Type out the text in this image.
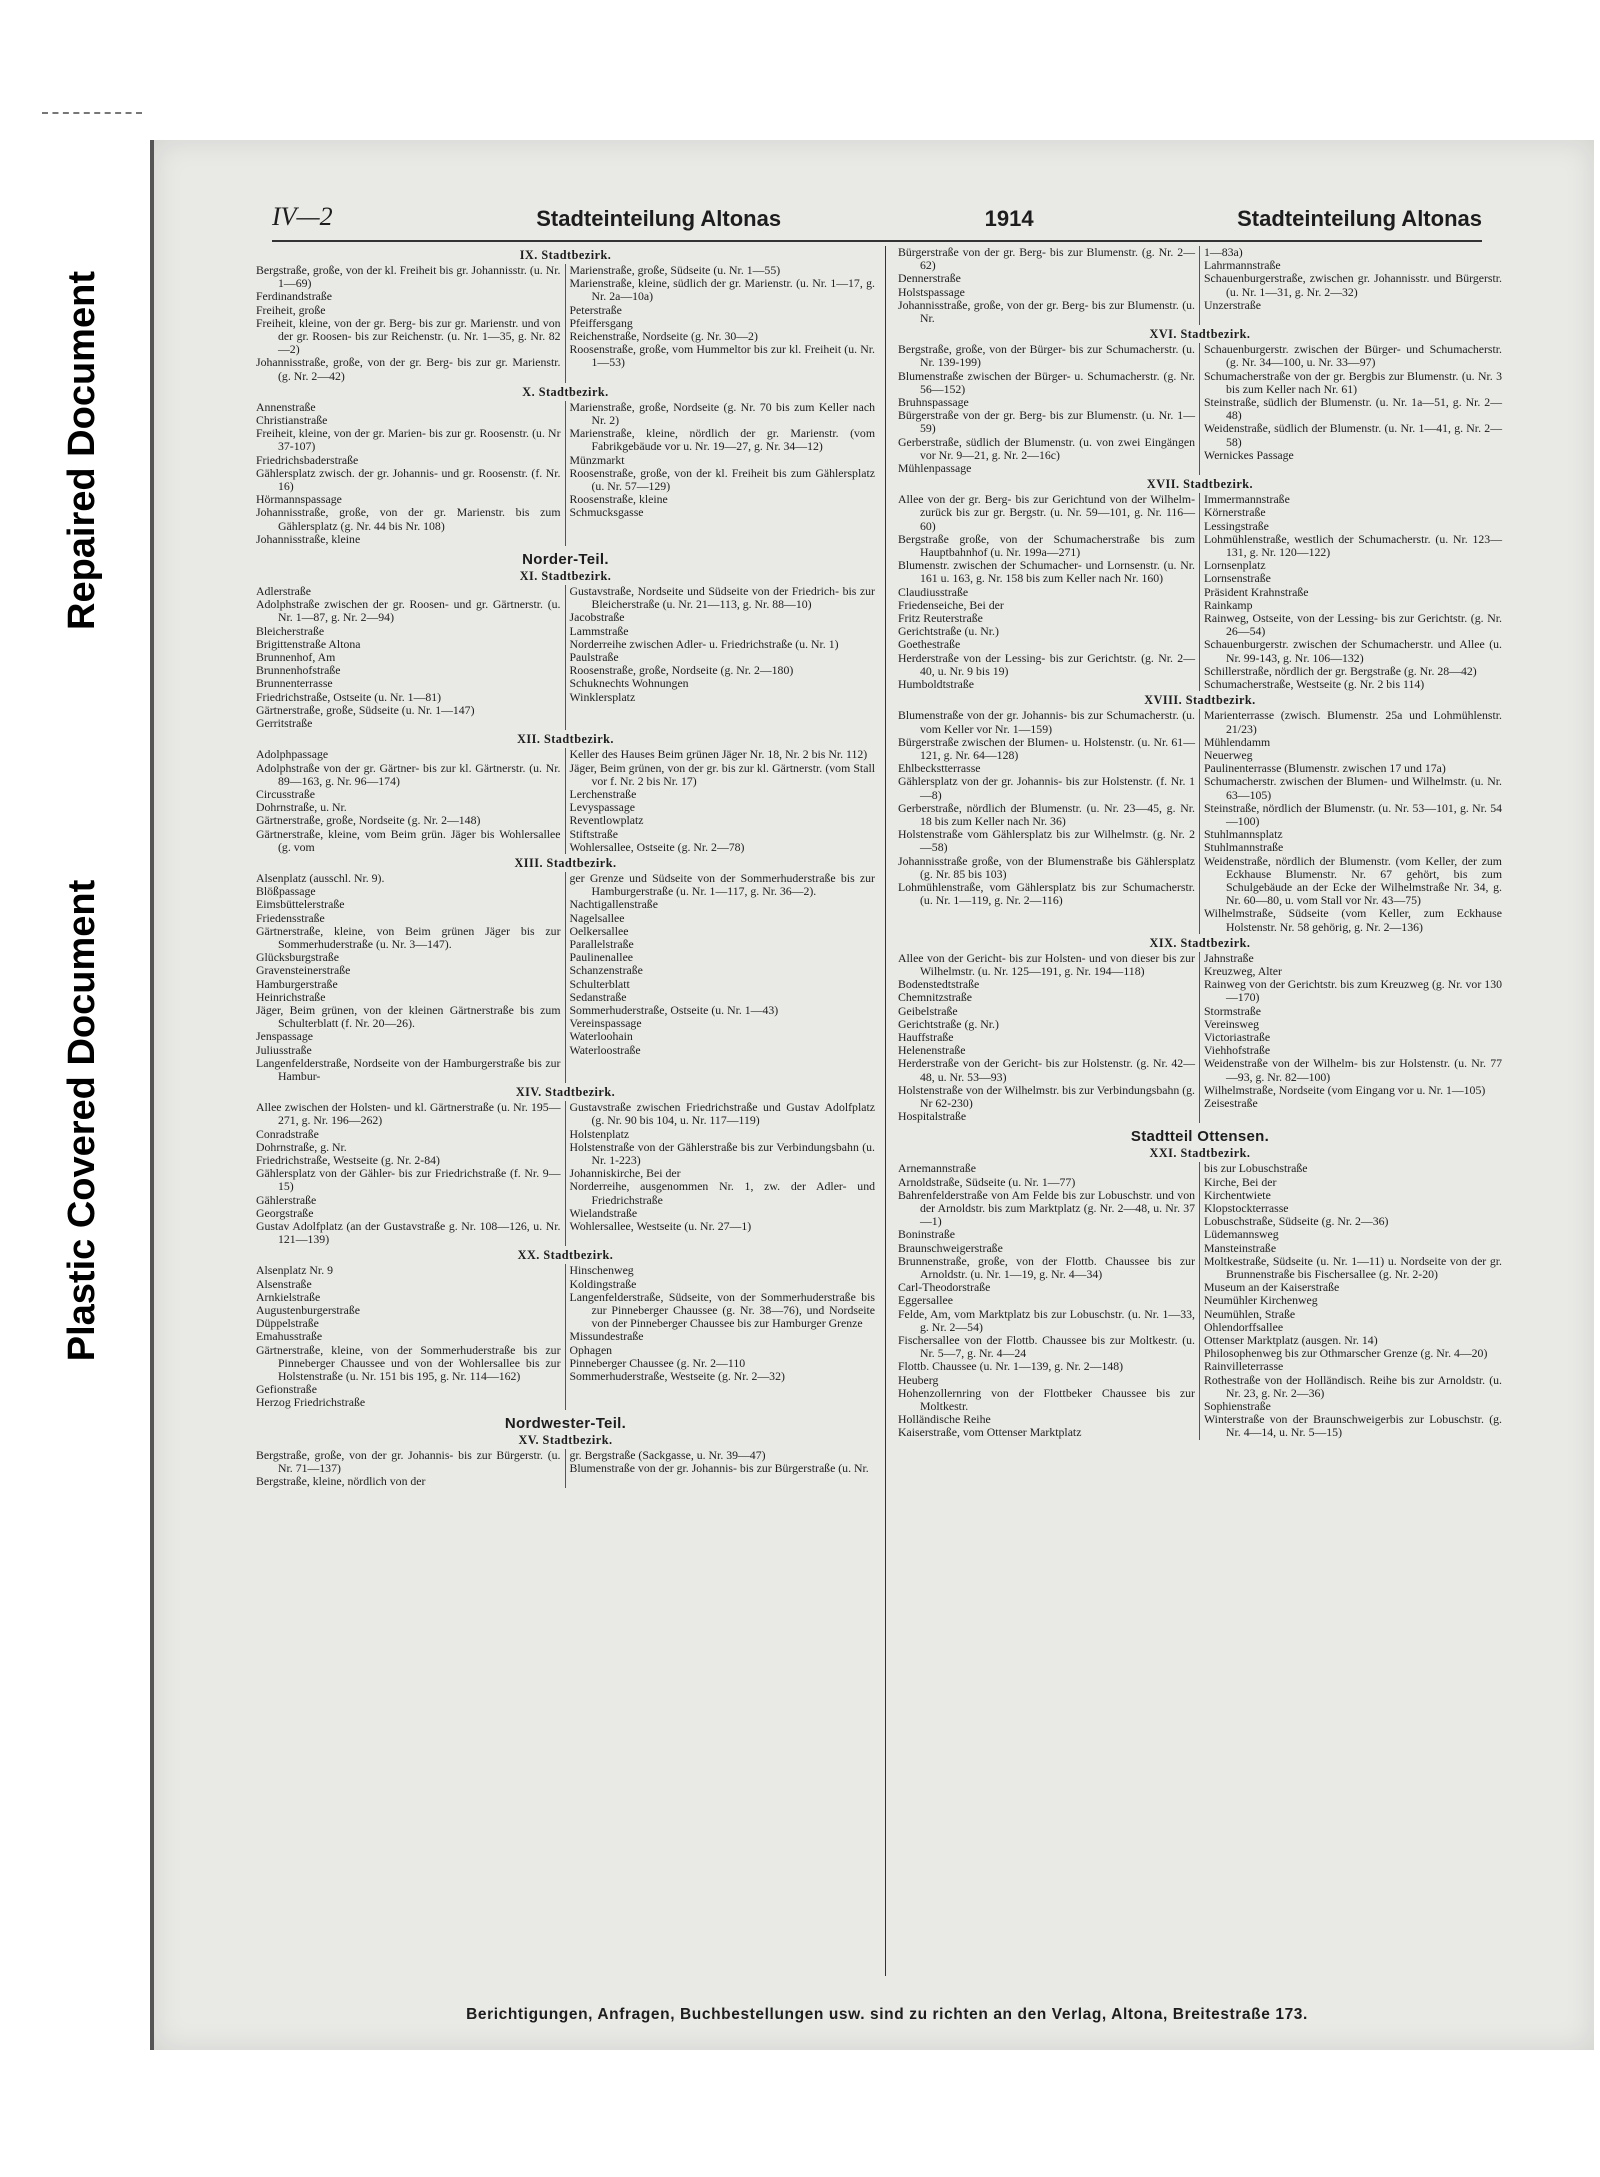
Repaired Document
Plastic Covered Document
IV—2	Stadteinteilung Altonas	1914	Stadteinteilung Altonas
IX. Stadtbezirk.
Bergstraße, große, von der kl. Freiheit bis gr. Johannisstr. (u. Nr. 1—69)
Ferdinandstraße
Freiheit, große
Freiheit, kleine, von der gr. Berg- bis zur gr. Marienstr. und von der gr. Roosen- bis zur Reichenstr. (u. Nr. 1—35, g. Nr. 82—2)
Johannisstraße, große, von der gr. Berg- bis zur gr. Marienstr. (g. Nr. 2—42)
Marienstraße, große, Südseite (u. Nr. 1—55)
Marienstraße, kleine, südlich der gr. Marienstr. (u. Nr. 1—17, g. Nr. 2a—10a)
Peterstraße
Pfeiffersgang
Reichenstraße, Nordseite (g. Nr. 30—2)
Roosenstraße, große, vom Hummeltor bis zur kl. Freiheit (u. Nr. 1—53)
X. Stadtbezirk.
Annenstraße
Christianstraße
Freiheit, kleine, von der gr. Marien- bis zur gr. Roosenstr. (u. Nr 37-107)
Friedrichsbaderstraße
Gählersplatz zwisch. der gr. Johannis- und gr. Roosenstr. (f. Nr. 16)
Hörmannspassage
Johannisstraße, große, von der gr. Marienstr. bis zum Gählersplatz (g. Nr. 44 bis Nr. 108)
Johannisstraße, kleine
Marienstraße, große, Nordseite (g. Nr. 70 bis zum Keller nach Nr. 2)
Marienstraße, kleine, nördlich der gr. Marienstr. (vom Fabrikgebäude vor u. Nr. 19—27, g. Nr. 34—12)
Münzmarkt
Roosenstraße, große, von der kl. Freiheit bis zum Gählersplatz (u. Nr. 57—129)
Roosenstraße, kleine
Schmucksgasse
Norder-Teil.
XI. Stadtbezirk.
Adlerstraße
Adolphstraße zwischen der gr. Roosen- und gr. Gärtnerstr. (u. Nr. 1—87, g. Nr. 2—94)
Bleicherstraße
Brigittenstraße Altona
Brunnenhof, Am
Brunnenhofstraße
Brunnenterrasse
Friedrichstraße, Ostseite (u. Nr. 1—81)
Gärtnerstraße, große, Südseite (u. Nr. 1—147)
Gerritstraße
Gustavstraße, Nordseite und Südseite von der Friedrich- bis zur Bleicherstraße (u. Nr. 21—113, g. Nr. 88—10)
Jacobstraße
Lammstraße
Norderreihe zwischen Adler- u. Friedrichstraße (u. Nr. 1)
Paulstraße
Roosenstraße, große, Nordseite (g. Nr. 2—180)
Schuknechts Wohnungen
Winklersplatz
XII. Stadtbezirk.
Adolphpassage
Adolphstraße von der gr. Gärtner- bis zur kl. Gärtnerstr. (u. Nr. 89—163, g. Nr. 96—174)
Circusstraße
Dohrnstraße, u. Nr.
Gärtnerstraße, große, Nordseite (g. Nr. 2—148)
Gärtnerstraße, kleine, vom Beim grün. Jäger bis Wohlersallee (g. vom
Keller des Hauses Beim grünen Jäger Nr. 18, Nr. 2 bis Nr. 112)
Jäger, Beim grünen, von der gr. bis zur kl. Gärtnerstr. (vom Stall vor f. Nr. 2 bis Nr. 17)
Lerchenstraße
Levyspassage
Reventlowplatz
Stiftstraße
Wohlersallee, Ostseite (g. Nr. 2—78)
XIII. Stadtbezirk.
Alsenplatz (ausschl. Nr. 9).
Blößpassage
Eimsbüttelerstraße
Friedensstraße
Gärtnerstraße, kleine, von Beim grünen Jäger bis zur Sommerhuderstraße (u. Nr. 3—147).
Glücksburgstraße
Gravensteinerstraße
Hamburgerstraße
Heinrichstraße
Jäger, Beim grünen, von der kleinen Gärtnerstraße bis zum Schulterblatt (f. Nr. 20—26).
Jenspassage
Juliusstraße
Langenfelderstraße, Nordseite von der Hamburgerstraße bis zur Hambur-
ger Grenze und Südseite von der Sommerhuderstraße bis zur Hamburgerstraße (u. Nr. 1—117, g. Nr. 36—2).
Nachtigallenstraße
Nagelsallee
Oelkersallee
Parallelstraße
Paulinenallee
Schanzenstraße
Schulterblatt
Sedanstraße
Sommerhuderstraße, Ostseite (u. Nr. 1—43)
Vereinspassage
Waterloohain
Waterloostraße
XIV. Stadtbezirk.
Allee zwischen der Holsten- und kl. Gärtnerstraße (u. Nr. 195—271, g. Nr. 196—262)
Conradstraße
Dohrnstraße, g. Nr.
Friedrichstraße, Westseite (g. Nr. 2-84)
Gählersplatz von der Gähler- bis zur Friedrichstraße (f. Nr. 9—15)
Gählerstraße
Georgstraße
Gustav Adolfplatz (an der Gustavstraße g. Nr. 108—126, u. Nr. 121—139)
Gustavstraße zwischen Friedrichstraße und Gustav Adolfplatz (g. Nr. 90 bis 104, u. Nr. 117—119)
Holstenplatz
Holstenstraße von der Gählerstraße bis zur Verbindungsbahn (u. Nr. 1-223)
Johanniskirche, Bei der
Norderreihe, ausgenommen Nr. 1, zw. der Adler- und Friedrichstraße
Wielandstraße
Wohlersallee, Westseite (u. Nr. 27—1)
XX. Stadtbezirk.
Alsenplatz Nr. 9
Alsenstraße
Arnkielstraße
Augustenburgerstraße
Düppelstraße
Emahusstraße
Gärtnerstraße, kleine, von der Sommerhuderstraße bis zur Pinneberger Chaussee und von der Wohlersallee bis zur Holstenstraße (u. Nr. 151 bis 195, g. Nr. 114—162)
Gefionstraße
Herzog Friedrichstraße
Hinschenweg
Koldingstraße
Langenfelderstraße, Südseite, von der Sommerhuderstraße bis zur Pinneberger Chaussee (g. Nr. 38—76), und Nordseite von der Pinneberger Chaussee bis zur Hamburger Grenze
Missundestraße
Ophagen
Pinneberger Chaussee (g. Nr. 2—110
Sommerhuderstraße, Westseite (g. Nr. 2—32)
Nordwester-Teil.
XV. Stadtbezirk.
Bergstraße, große, von der gr. Johannis- bis zur Bürgerstr. (u. Nr. 71—137)
Bergstraße, kleine, nördlich von der
gr. Bergstraße (Sackgasse, u. Nr. 39—47)
Blumenstraße von der gr. Johannis- bis zur Bürgerstraße (u. Nr.
Bürgerstraße von der gr. Berg- bis zur Blumenstr. (g. Nr. 2—62)
Dennerstraße
Holstspassage
Johannisstraße, große, von der gr. Berg- bis zur Blumenstr. (u. Nr.
1—83a)
Lahrmannstraße
Schauenburgerstraße, zwischen gr. Johannisstr. und Bürgerstr. (u. Nr. 1—31, g. Nr. 2—32)
Unzerstraße
XVI. Stadtbezirk.
Bergstraße, große, von der Bürger- bis zur Schumacherstr. (u. Nr. 139-199)
Blumenstraße zwischen der Bürger- u. Schumacherstr. (g. Nr. 56—152)
Bruhnspassage
Bürgerstraße von der gr. Berg- bis zur Blumenstr. (u. Nr. 1—59)
Gerberstraße, südlich der Blumenstr. (u. von zwei Eingängen vor Nr. 9—21, g. Nr. 2—16c)
Mühlenpassage
Schauenburgerstr. zwischen der Bürger- und Schumacherstr. (g. Nr. 34—100, u. Nr. 33—97)
Schumacherstraße von der gr. Bergbis zur Blumenstr. (u. Nr. 3 bis zum Keller nach Nr. 61)
Steinstraße, südlich der Blumenstr. (u. Nr. 1a—51, g. Nr. 2—48)
Weidenstraße, südlich der Blumenstr. (u. Nr. 1—41, g. Nr. 2—58)
Wernickes Passage
XVII. Stadtbezirk.
Allee von der gr. Berg- bis zur Gerichtund von der Wilhelm- zurück bis zur gr. Bergstr. (u. Nr. 59—101, g. Nr. 116—60)
Bergstraße große, von der Schumacherstraße bis zum Hauptbahnhof (u. Nr. 199a—271)
Blumenstr. zwischen der Schumacher- und Lornsenstr. (u. Nr. 161 u. 163, g. Nr. 158 bis zum Keller nach Nr. 160)
Claudiusstraße
Friedenseiche, Bei der
Fritz Reuterstraße
Gerichtstraße (u. Nr.)
Goethestraße
Herderstraße von der Lessing- bis zur Gerichtstr. (g. Nr. 2—40, u. Nr. 9 bis 19)
Humboldtstraße
Immermannstraße
Körnerstraße
Lessingstraße
Lohmühlenstraße, westlich der Schumacherstr. (u. Nr. 123—131, g. Nr. 120—122)
Lornsenplatz
Lornsenstraße
Präsident Krahnstraße
Rainkamp
Rainweg, Ostseite, von der Lessing- bis zur Gerichtstr. (g. Nr. 26—54)
Schauenburgerstr. zwischen der Schumacherstr. und Allee (u. Nr. 99-143, g. Nr. 106—132)
Schillerstraße, nördlich der gr. Bergstraße (g. Nr. 28—42)
Schumacherstraße, Westseite (g. Nr. 2 bis 114)
XVIII. Stadtbezirk.
Blumenstraße von der gr. Johannis- bis zur Schumacherstr. (u. vom Keller vor Nr. 1—159)
Bürgerstraße zwischen der Blumen- u. Holstenstr. (u. Nr. 61—121, g. Nr. 64—128)
Ehlbeckstterrasse
Gählersplatz von der gr. Johannis- bis zur Holstenstr. (f. Nr. 1—8)
Gerberstraße, nördlich der Blumenstr. (u. Nr. 23—45, g. Nr. 18 bis zum Keller nach Nr. 36)
Holstenstraße vom Gählersplatz bis zur Wilhelmstr. (g. Nr. 2—58)
Johannisstraße große, von der Blumenstraße bis Gählersplatz (g. Nr. 85 bis 103)
Lohmühlenstraße, vom Gählersplatz bis zur Schumacherstr. (u. Nr. 1—119, g. Nr. 2—116)
Marienterrasse (zwisch. Blumenstr. 25a und Lohmühlenstr. 21/23)
Mühlendamm
Neuerweg
Paulinenterrasse (Blumenstr. zwischen 17 und 17a)
Schumacherstr. zwischen der Blumen- und Wilhelmstr. (u. Nr. 63—105)
Steinstraße, nördlich der Blumenstr. (u. Nr. 53—101, g. Nr. 54—100)
Stuhlmannsplatz
Stuhlmannstraße
Weidenstraße, nördlich der Blumenstr. (vom Keller, der zum Eckhause Blumenstr. Nr. 67 gehört, bis zum Schulgebäude an der Ecke der Wilhelmstraße Nr. 34, g. Nr. 60—80, u. vom Stall vor Nr. 43—75)
Wilhelmstraße, Südseite (vom Keller, zum Eckhause Holstenstr. Nr. 58 gehörig, g. Nr. 2—136)
XIX. Stadtbezirk.
Allee von der Gericht- bis zur Holsten- und von dieser bis zur Wilhelmstr. (u. Nr. 125—191, g. Nr. 194—118)
Bodenstedtstraße
Chemnitzstraße
Geibelstraße
Gerichtstraße (g. Nr.)
Hauffstraße
Helenenstraße
Herderstraße von der Gericht- bis zur Holstenstr. (g. Nr. 42—48, u. Nr. 53—93)
Holstenstraße von der Wilhelmstr. bis zur Verbindungsbahn (g. Nr 62-230)
Hospitalstraße
Jahnstraße
Kreuzweg, Alter
Rainweg von der Gerichtstr. bis zum Kreuzweg (g. Nr. vor 130—170)
Stormstraße
Vereinsweg
Victoriastraße
Viehhofstraße
Weidenstraße von der Wilhelm- bis zur Holstenstr. (u. Nr. 77—93, g. Nr. 82—100)
Wilhelmstraße, Nordseite (vom Eingang vor u. Nr. 1—105)
Zeisestraße
Stadtteil Ottensen.
XXI. Stadtbezirk.
Arnemannstraße
Arnoldstraße, Südseite (u. Nr. 1—77)
Bahrenfelderstraße von Am Felde bis zur Lobuschstr. und von der Arnoldstr. bis zum Marktplatz (g. Nr. 2—48, u. Nr. 37—1)
Boninstraße
Braunschweigerstraße
Brunnenstraße, große, von der Flottb. Chaussee bis zur Arnoldstr. (u. Nr. 1—19, g. Nr. 4—34)
Carl-Theodorstraße
Eggersallee
Felde, Am, vom Marktplatz bis zur Lobuschstr. (u. Nr. 1—33, g. Nr. 2—54)
Fischersallee von der Flottb. Chaussee bis zur Moltkestr. (u. Nr. 5—7, g. Nr. 4—24
Flottb. Chaussee (u. Nr. 1—139, g. Nr. 2—148)
Heuberg
Hohenzollernring von der Flottbeker Chaussee bis zur Moltkestr.
Holländische Reihe
Kaiserstraße, vom Ottenser Marktplatz
bis zur Lobuschstraße
Kirche, Bei der
Kirchentwiete
Klopstockterrasse
Lobuschstraße, Südseite (g. Nr. 2—36)
Lüdemannsweg
Mansteinstraße
Moltkestraße, Südseite (u. Nr. 1—11) u. Nordseite von der gr. Brunnenstraße bis Fischersallee (g. Nr. 2-20)
Museum an der Kaiserstraße
Neumühler Kirchenweg
Neumühlen, Straße
Ohlendorffsallee
Ottenser Marktplatz (ausgen. Nr. 14)
Philosophenweg bis zur Othmarscher Grenze (g. Nr. 4—20)
Rainvilleterrasse
Rothestraße von der Holländisch. Reihe bis zur Arnoldstr. (u. Nr. 23, g. Nr. 2—36)
Sophienstraße
Winterstraße von der Braunschweigerbis zur Lobuschstr. (g. Nr. 4—14, u. Nr. 5—15)
Berichtigungen, Anfragen, Buchbestellungen usw. sind zu richten an den Verlag, Altona, Breitestraße 173.
